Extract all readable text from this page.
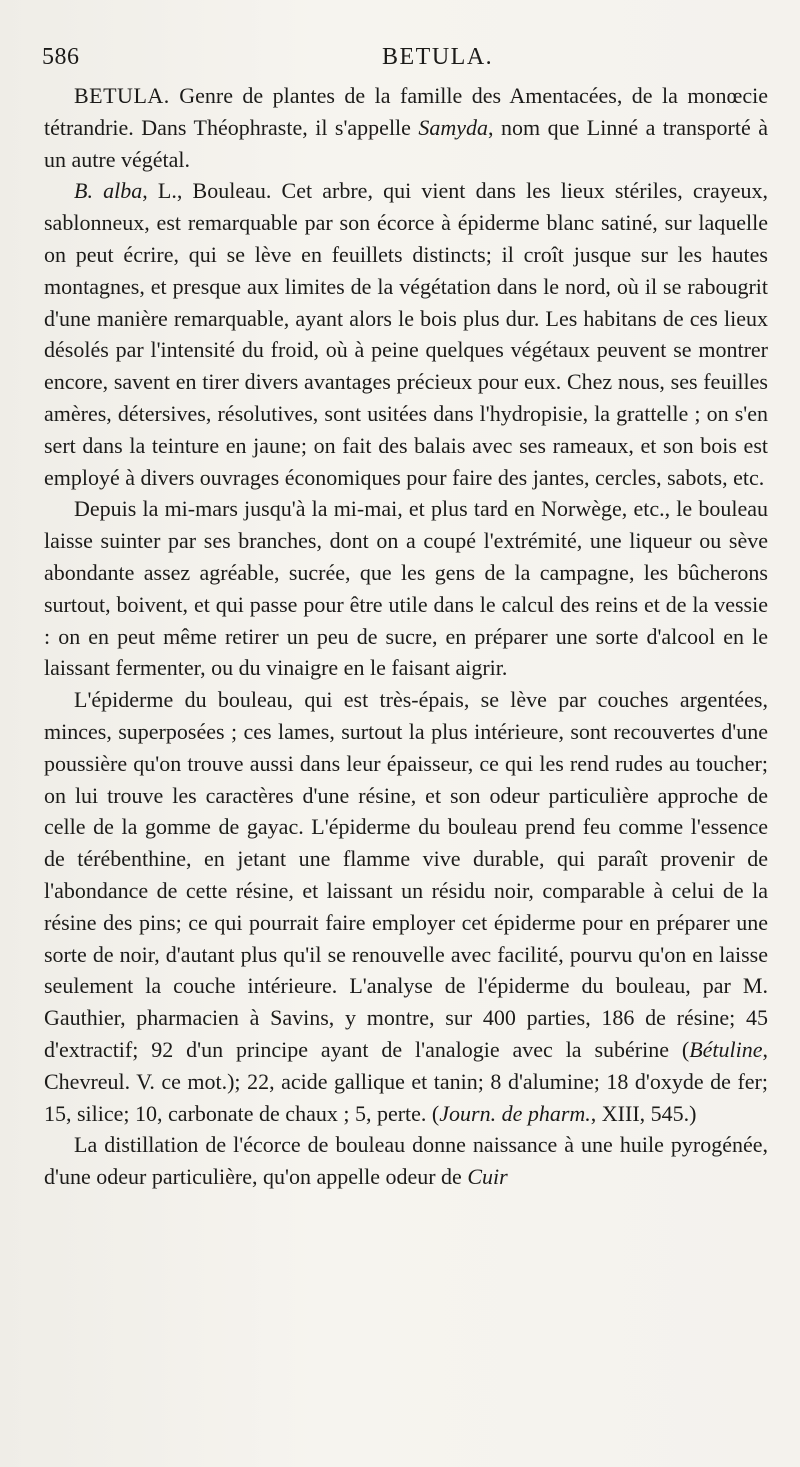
586	BETULA.

BETULA. Genre de plantes de la famille des Amentacées, de la monœcie tétrandrie. Dans Théophraste, il s'appelle Samyda, nom que Linné a transporté à un autre végétal.

B. alba, L., Bouleau. Cet arbre, qui vient dans les lieux stériles, crayeux, sablonneux, est remarquable par son écorce à épiderme blanc satiné, sur laquelle on peut écrire, qui se lève en feuillets distincts; il croît jusque sur les hautes montagnes, et presque aux limites de la végétation dans le nord, où il se rabougrit d'une manière remarquable, ayant alors le bois plus dur. Les habitans de ces lieux désolés par l'intensité du froid, où à peine quelques végétaux peuvent se montrer encore, savent en tirer divers avantages précieux pour eux. Chez nous, ses feuilles amères, détersives, résolutives, sont usitées dans l'hydropisie, la grattelle ; on s'en sert dans la teinture en jaune; on fait des balais avec ses rameaux, et son bois est employé à divers ouvrages économiques pour faire des jantes, cercles, sabots, etc.

Depuis la mi-mars jusqu'à la mi-mai, et plus tard en Norwège, etc., le bouleau laisse suinter par ses branches, dont on a coupé l'extrémité, une liqueur ou sève abondante assez agréable, sucrée, que les gens de la campagne, les bûcherons surtout, boivent, et qui passe pour être utile dans le calcul des reins et de la vessie : on en peut même retirer un peu de sucre, en préparer une sorte d'alcool en le laissant fermenter, ou du vinaigre en le faisant aigrir.

L'épiderme du bouleau, qui est très-épais, se lève par couches argentées, minces, superposées ; ces lames, surtout la plus intérieure, sont recouvertes d'une poussière qu'on trouve aussi dans leur épaisseur, ce qui les rend rudes au toucher; on lui trouve les caractères d'une résine, et son odeur particulière approche de celle de la gomme de gayac. L'épiderme du bouleau prend feu comme l'essence de térébenthine, en jetant une flamme vive durable, qui paraît provenir de l'abondance de cette résine, et laissant un résidu noir, comparable à celui de la résine des pins; ce qui pourrait faire employer cet épiderme pour en préparer une sorte de noir, d'autant plus qu'il se renouvelle avec facilité, pourvu qu'on en laisse seulement la couche intérieure. L'analyse de l'épiderme du bouleau, par M. Gauthier, pharmacien à Savins, y montre, sur 400 parties, 186 de résine; 45 d'extractif; 92 d'un principe ayant de l'analogie avec la subérine (Bétuline, Chevreul. V. ce mot.); 22, acide gallique et tanin; 8 d'alumine; 18 d'oxyde de fer; 15, silice; 10, carbonate de chaux ; 5, perte. (Journ. de pharm., XIII, 545.)

La distillation de l'écorce de bouleau donne naissance à une huile pyrogénée, d'une odeur particulière, qu'on appelle odeur de Cuir
